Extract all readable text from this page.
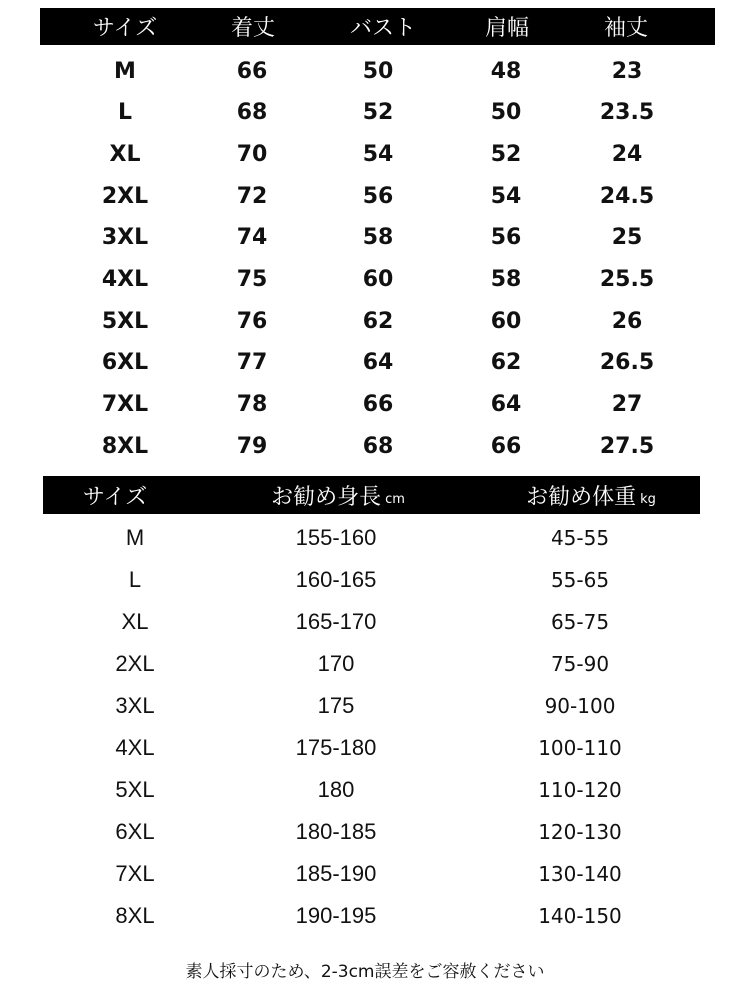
サイズ	着丈	バスト	肩幅	袖丈
M	66	50	48	23
L	68	52	50	23.5
XL	70	54	52	24
2XL	72	56	54	24.5
3XL	74	58	56	25
4XL	75	60	58	25.5
5XL	76	62	60	26
6XL	77	64	62	26.5
7XL	78	66	64	27
8XL	79	68	66	27.5
サイズ	お勧め身長 cm	お勧め体重 kg
M	155-160	45-55
L	160-165	55-65
XL	165-170	65-75
2XL	170	75-90
3XL	175	90-100
4XL	175-180	100-110
5XL	180	110-120
6XL	180-185	120-130
7XL	185-190	130-140
8XL	190-195	140-150
素人採寸のため、2-3cm誤差をご容赦ください
